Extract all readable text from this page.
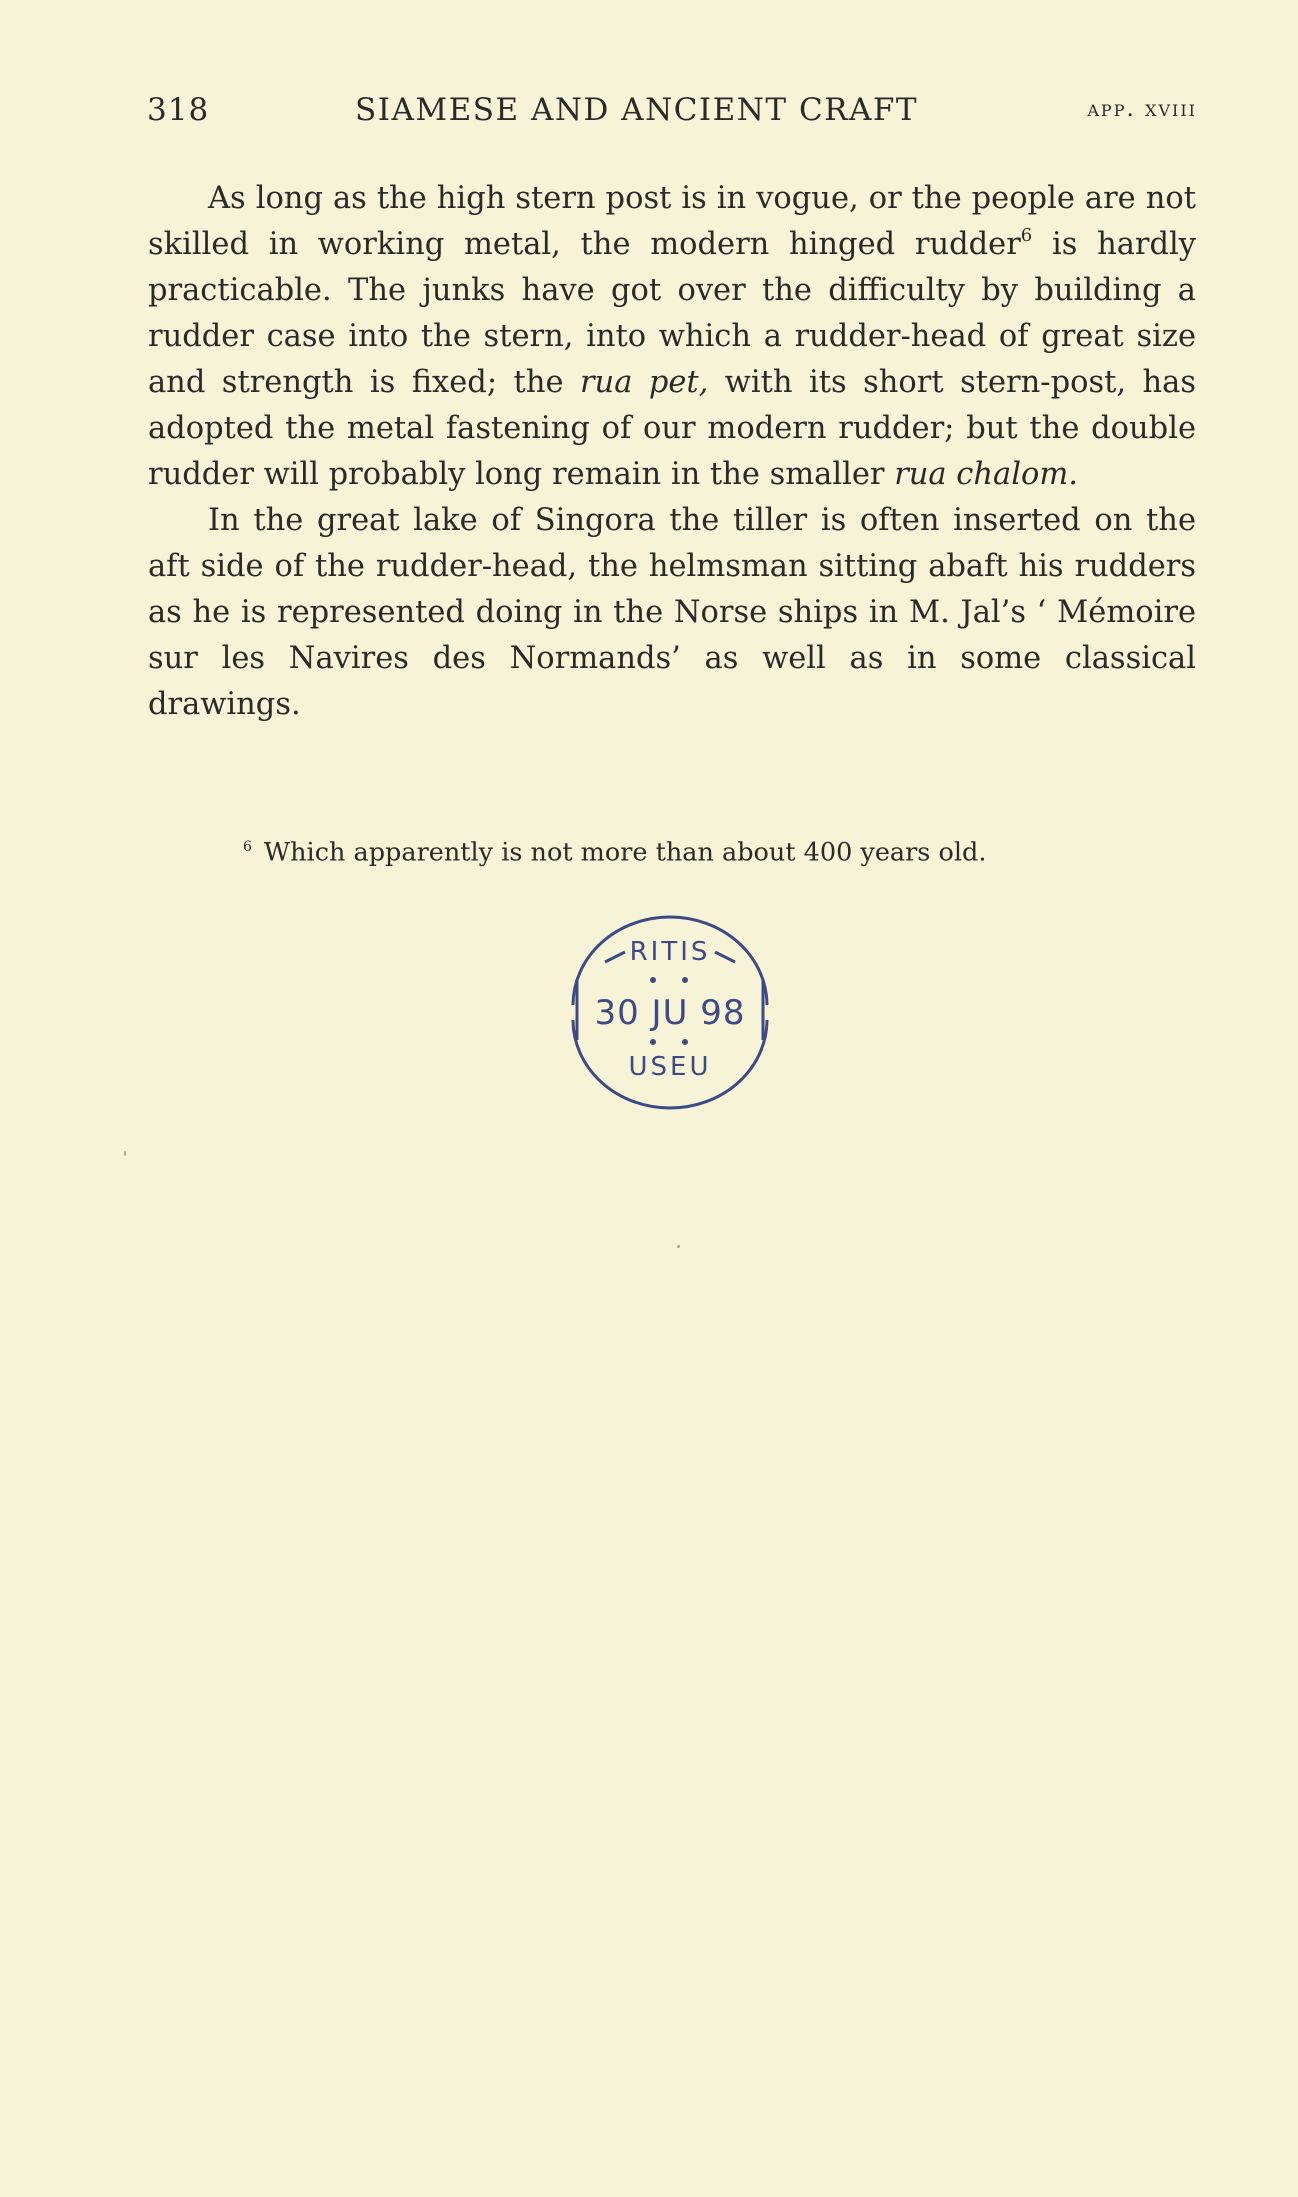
318	SIAMESE AND ANCIENT CRAFT	app. xviii

As long as the high stern post is in vogue, or the people are not skilled in working metal, the modern hinged rudder$^6$ is hardly practicable. The junks have got over the difficulty by building a rudder case into the stern, into which a rudder-head of great size and strength is fixed; the rua pet, with its short stern-post, has adopted the metal fastening of our modern rudder; but the double rudder will probably long remain in the smaller rua chalom.

In the great lake of Singora the tiller is often inserted on the aft side of the rudder-head, the helmsman sitting abaft his rudders as he is represented doing in the Norse ships in M. Jal’s ‘ Mémoire sur les Navires des Normands’ as well as in some classical drawings.

$^6$ Which apparently is not more than about 400 years old.
RITIS
USEU
30 JU 98
